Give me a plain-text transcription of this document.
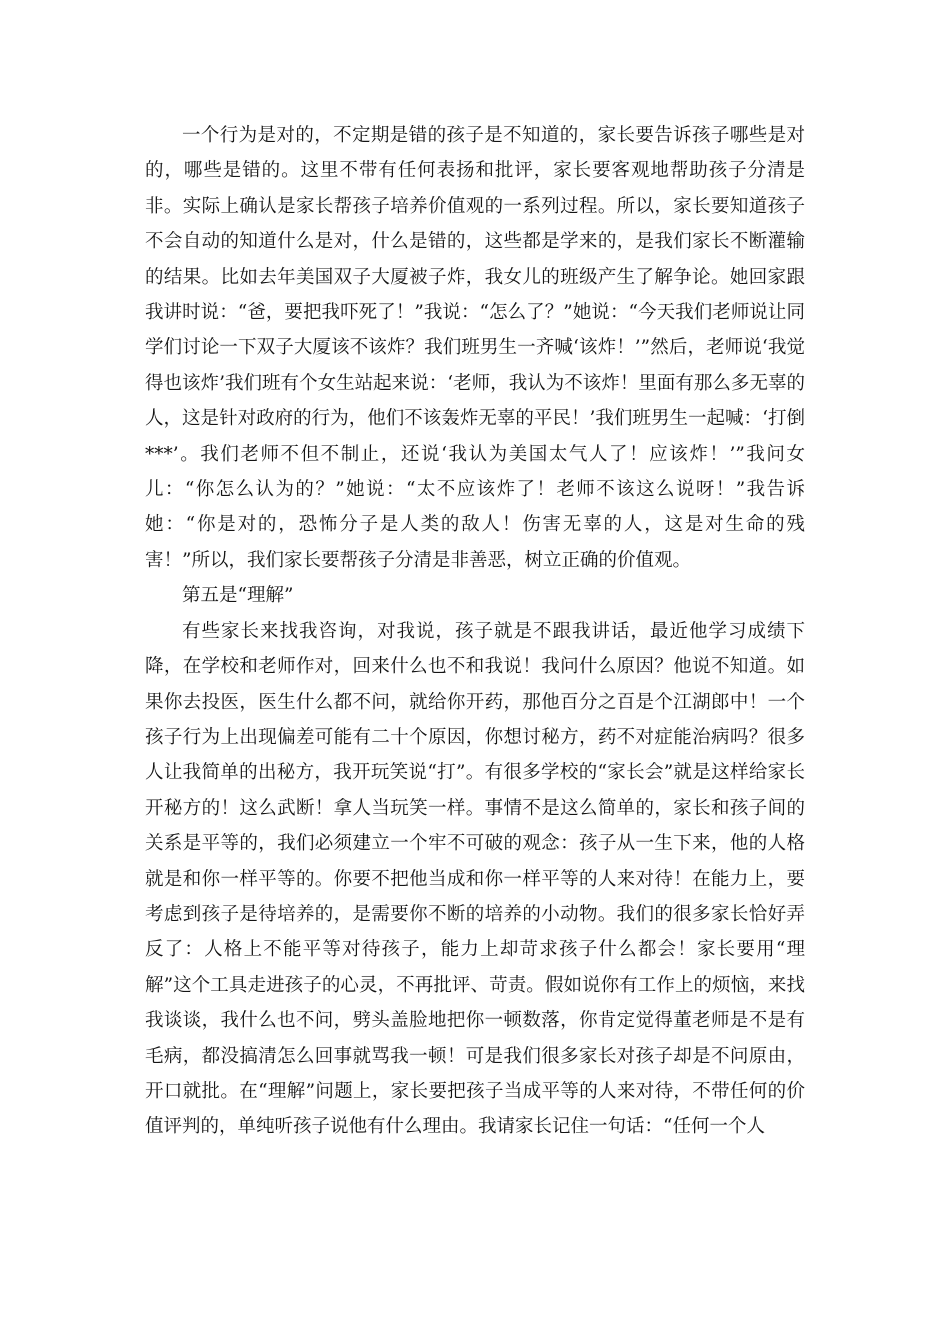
一个行为是对的，不定期是错的孩子是不知道的，家长要告诉孩子哪些是对的，哪些是错的。这里不带有任何表扬和批评，家长要客观地帮助孩子分清是非。实际上确认是家长帮孩子培养价值观的一系列过程。所以，家长要知道孩子不会自动的知道什么是对，什么是错的，这些都是学来的，是我们家长不断灌输的结果。比如去年美国双子大厦被子炸，我女儿的班级产生了解争论。她回家跟我讲时说：“爸，要把我吓死了！”我说：“怎么了？”她说：“今天我们老师说让同学们讨论一下双子大厦该不该炸？我们班男生一齐喊‘该炸！’”然后，老师说‘我觉得也该炸’我们班有个女生站起来说：‘老师，我认为不该炸！里面有那么多无辜的人，这是针对政府的行为，他们不该轰炸无辜的平民！’我们班男生一起喊：‘打倒***’。我们老师不但不制止，还说‘我认为美国太气人了！应该炸！’”我问女儿：“你怎么认为的？”她说：“太不应该炸了！老师不该这么说呀！”我告诉她：“你是对的，恐怖分子是人类的敌人！伤害无辜的人，这是对生命的残害！”所以，我们家长要帮孩子分清是非善恶，树立正确的价值观。

第五是“理解”

有些家长来找我咨询，对我说，孩子就是不跟我讲话，最近他学习成绩下降，在学校和老师作对，回来什么也不和我说！我问什么原因？他说不知道。如果你去投医，医生什么都不问，就给你开药，那他百分之百是个江湖郎中！一个孩子行为上出现偏差可能有二十个原因，你想讨秘方，药不对症能治病吗？很多人让我简单的出秘方，我开玩笑说“打”。有很多学校的“家长会”就是这样给家长开秘方的！这么武断！拿人当玩笑一样。事情不是这么简单的，家长和孩子间的关系是平等的，我们必须建立一个牢不可破的观念：孩子从一生下来，他的人格就是和你一样平等的。你要不把他当成和你一样平等的人来对待！在能力上，要考虑到孩子是待培养的，是需要你不断的培养的小动物。我们的很多家长恰好弄反了：人格上不能平等对待孩子，能力上却苛求孩子什么都会！家长要用“理解”这个工具走进孩子的心灵，不再批评、苛责。假如说你有工作上的烦恼，来找我谈谈，我什么也不问，劈头盖脸地把你一顿数落，你肯定觉得董老师是不是有毛病，都没搞清怎么回事就骂我一顿！可是我们很多家长对孩子却是不问原由，开口就批。在“理解”问题上，家长要把孩子当成平等的人来对待，不带任何的价值评判的，单纯听孩子说他有什么理由。我请家长记住一句话：“任何一个人
